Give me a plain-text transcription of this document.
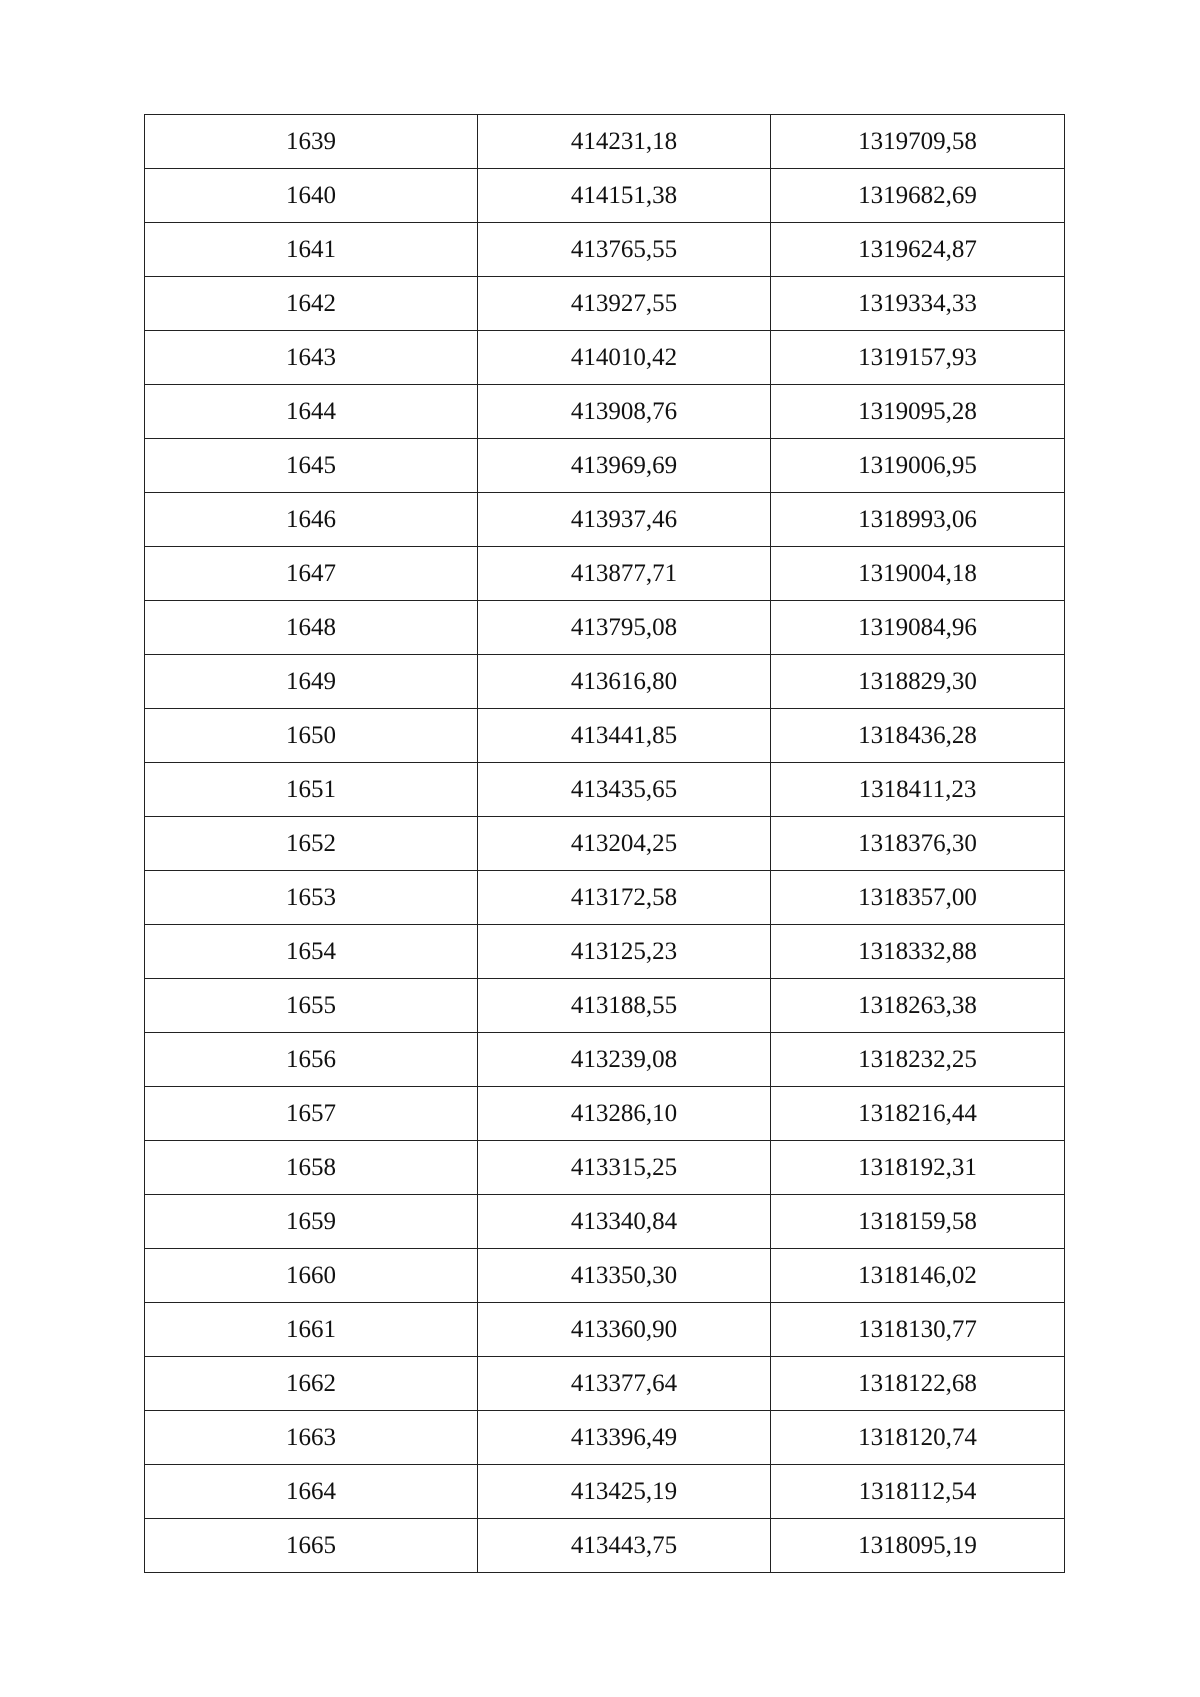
1639	414231,18	1319709,58
1640	414151,38	1319682,69
1641	413765,55	1319624,87
1642	413927,55	1319334,33
1643	414010,42	1319157,93
1644	413908,76	1319095,28
1645	413969,69	1319006,95
1646	413937,46	1318993,06
1647	413877,71	1319004,18
1648	413795,08	1319084,96
1649	413616,80	1318829,30
1650	413441,85	1318436,28
1651	413435,65	1318411,23
1652	413204,25	1318376,30
1653	413172,58	1318357,00
1654	413125,23	1318332,88
1655	413188,55	1318263,38
1656	413239,08	1318232,25
1657	413286,10	1318216,44
1658	413315,25	1318192,31
1659	413340,84	1318159,58
1660	413350,30	1318146,02
1661	413360,90	1318130,77
1662	413377,64	1318122,68
1663	413396,49	1318120,74
1664	413425,19	1318112,54
1665	413443,75	1318095,19
